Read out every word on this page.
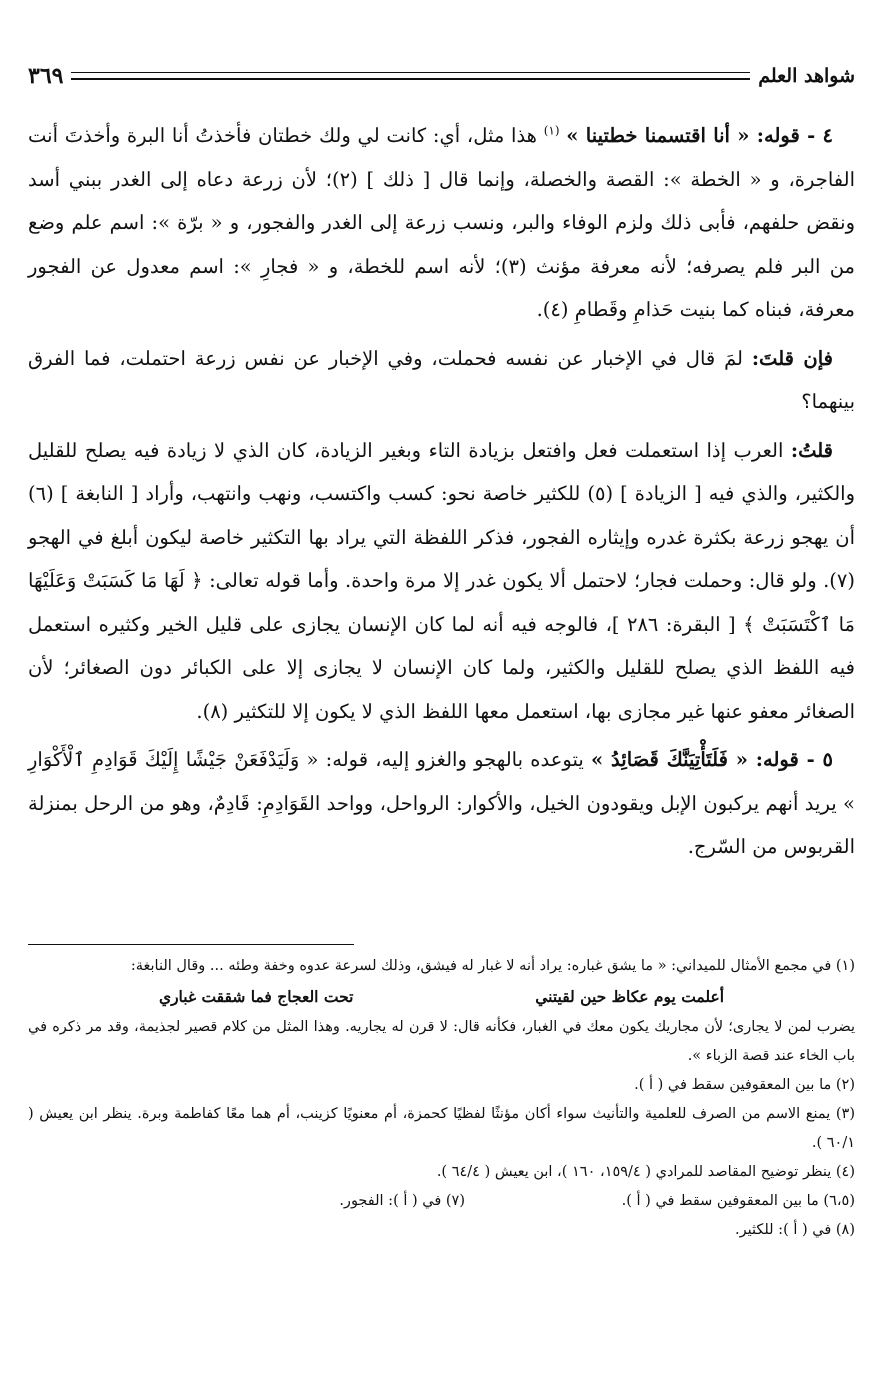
شواهد العلم
٣٦٩

٤ - قوله: « أنا اقتسمنا خطتينا » $^{(١)}$ هذا مثل، أي: كانت لي ولك خطتان فأخذتُ أنا البرة وأخذتَ أنت الفاجرة، و « الخطة »: القصة والخصلة، وإنما قال [ ذلك ] (٢)؛ لأن زرعة دعاه إلى الغدر ببني أسد ونقض حلفهم، فأبى ذلك ولزم الوفاء والبر، ونسب زرعة إلى الغدر والفجور، و « برّة »: اسم علم وضع من البر فلم يصرفه؛ لأنه معرفة مؤنث (٣)؛ لأنه اسم للخطة، و « فجارِ »: اسم معدول عن الفجور معرفة، فبناه كما بنيت حَذامِ وقَطامِ (٤).

فإن قلتَ: لمَ قال في الإخبار عن نفسه فحملت، وفي الإخبار عن نفس زرعة احتملت، فما الفرق بينهما؟

قلتُ: العرب إذا استعملت فعل وافتعل بزيادة التاء وبغير الزيادة، كان الذي لا زيادة فيه يصلح للقليل والكثير، والذي فيه [ الزيادة ] (٥) للكثير خاصة نحو: كسب واكتسب، ونهب وانتهب، وأراد [ النابغة ] (٦) أن يهجو زرعة بكثرة غدره وإيثاره الفجور، فذكر اللفظة التي يراد بها التكثير خاصة ليكون أبلغ في الهجو (٧). ولو قال: وحملت فجار؛ لاحتمل ألا يكون غدر إلا مرة واحدة. وأما قوله تعالى: ﴿ لَهَا مَا كَسَبَتْ وَعَلَيْهَا مَا ٱكْتَسَبَتْ ﴾ [ البقرة: ٢٨٦ ]، فالوجه فيه أنه لما كان الإنسان يجازى على قليل الخير وكثيره استعمل فيه اللفظ الذي يصلح للقليل والكثير، ولما كان الإنسان لا يجازى إلا على الكبائر دون الصغائر؛ لأن الصغائر معفو عنها غير مجازى بها، استعمل معها اللفظ الذي لا يكون إلا للتكثير (٨).

٥ - قوله: « فَلَتَأْتِيَنَّكَ قَصَائِدُ » يتوعده بالهجو والغزو إليه، قوله: « وَلَيَدْفَعَنْ جَيْشًا إِلَيْكَ قَوَادِمِ ٱلْأَكْوَارِ » يريد أنهم يركبون الإبل ويقودون الخيل، والأكوار: الرواحل، وواحد القَوَادِمِ: قَادِمٌ، وهو من الرحل بمنزلة القربوس من السّرج.

(١) في مجمع الأمثال للميداني: « ما يشق غباره: يراد أنه لا غبار له فيشق، وذلك لسرعة عدوه وخفة وطئه ... وقال النابغة:

أعلمت يوم عكاظ حين لقيتني
تحت العجاج فما شققت غباري

يضرب لمن لا يجارى؛ لأن مجاريك يكون معك في الغبار، فكأنه قال: لا قرن له يجاريه. وهذا المثل من كلام قصير لجذيمة، وقد مر ذكره في باب الخاء عند قصة الزباء ».

(٢) ما بين المعقوفين سقط في ( أ ).

(٣) يمنع الاسم من الصرف للعلمية والتأنيث سواء أكان مؤنثًا لفظيًا كحمزة، أم معنويًا كزينب، أم هما معًا كفاطمة وبرة. ينظر ابن يعيش ( ٦٠/١ ).

(٤) ينظر توضيح المقاصد للمرادي ( ١٥٩/٤، ١٦٠ )، ابن يعيش ( ٦٤/٤ ).

(٦،٥) ما بين المعقوفين سقط في ( أ ).
(٧) في ( أ ): الفجور.

(٨) في ( أ ): للكثير.
